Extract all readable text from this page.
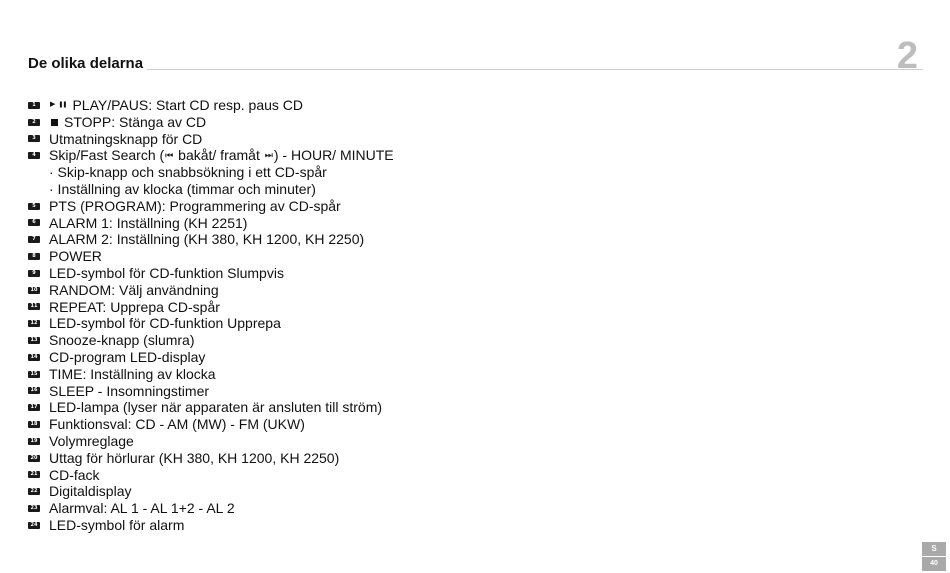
De olika delarna	2
1	▶ ❚❚ PLAY/PAUS: Start CD resp. paus CD
2	STOPP: Stänga av CD
3 Utmatningsknapp för CD
4 Skip/Fast Search ( ⏮ bakåt/ framåt ⏭ ) - HOUR/ MINUTE
· Skip-knapp och snabbsökning i ett CD-spår
· Inställning av klocka (timmar och minuter)
5 PTS (PROGRAM): Programmering av CD-spår
6 ALARM 1: Inställning (KH 2251)
7 ALARM 2: Inställning (KH 380, KH 1200, KH 2250)
8 POWER
9 LED-symbol för CD-funktion Slumpvis
10 RANDOM: Välj användning
11 REPEAT: Upprepa CD-spår
12 LED-symbol för CD-funktion Upprepa
13 Snooze-knapp (slumra)
14 CD-program LED-display
15 TIME: Inställning av klocka
16 SLEEP - Insomningstimer
17 LED-lampa (lyser när apparaten är ansluten till ström)
18 Funktionsval: CD - AM (MW) - FM (UKW)
19 Volymreglage
20 Uttag för hörlurar (KH 380, KH 1200, KH 2250)
21 CD-fack
22 Digitaldisplay
23 Alarmval: AL 1 - AL 1+2 - AL 2
24 LED-symbol för alarm
S
40
